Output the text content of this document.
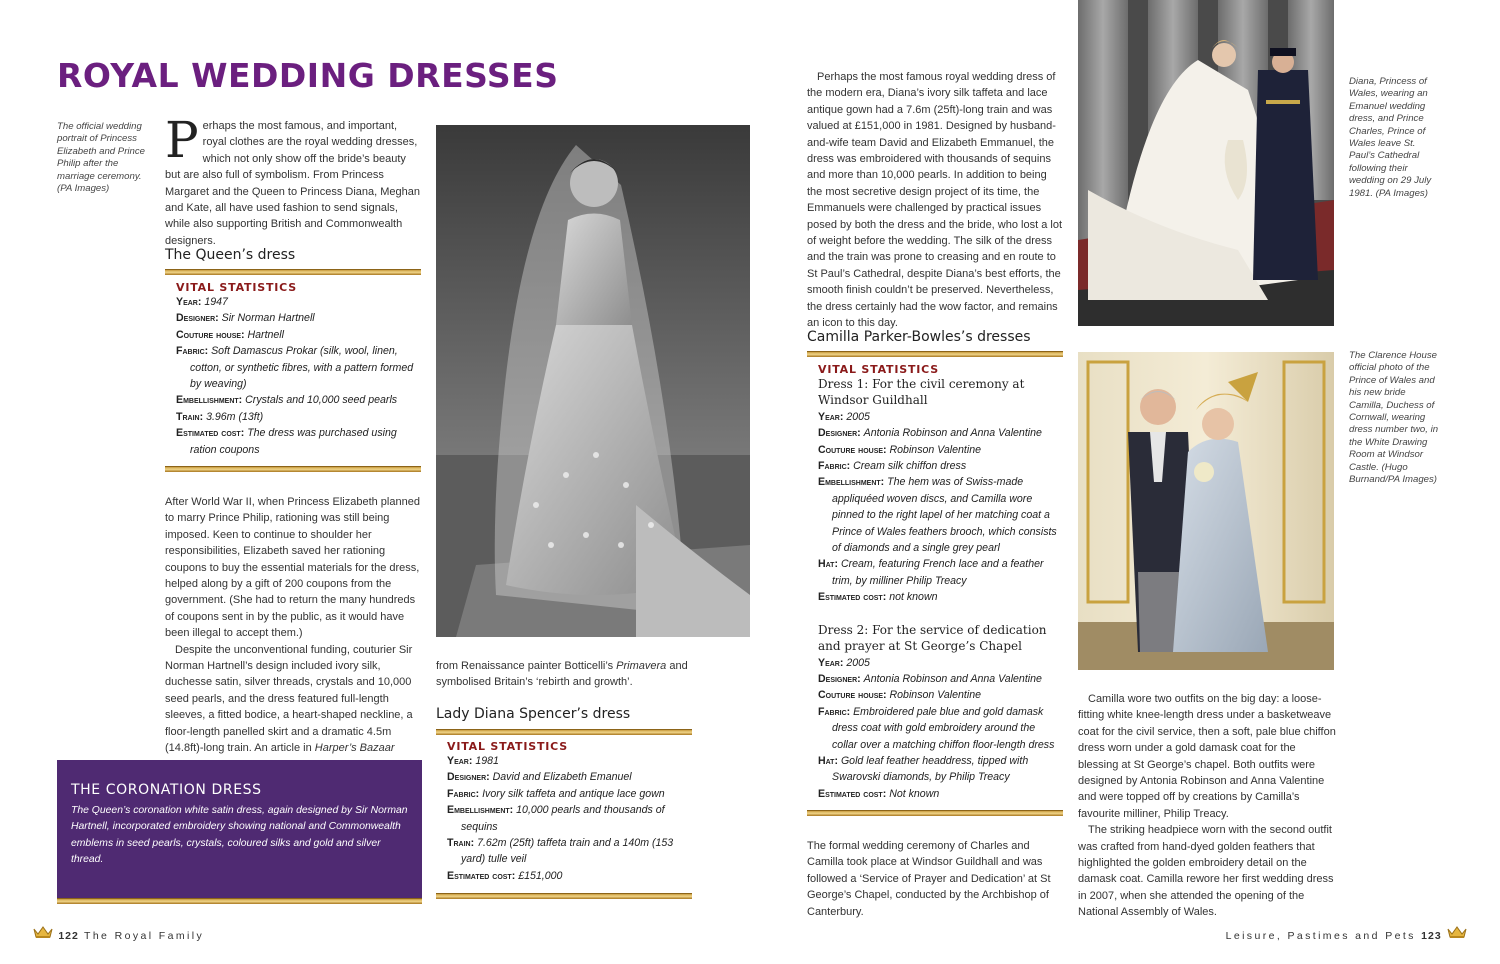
ROYAL WEDDING DRESSES
The official wedding portrait of Princess Elizabeth and Prince Philip after the marriage ceremony. (PA Images)
Perhaps the most famous, and important, royal clothes are the royal wedding dresses, which not only show off the bride’s beauty but are also full of symbolism. From Princess Margaret and the Queen to Princess Diana, Meghan and Kate, all have used fashion to send signals, while also supporting British and Commonwealth designers.
The Queen’s dress
VITAL STATISTICS
Year: 1947
Designer: Sir Norman Hartnell
Couture house: Hartnell
Fabric: Soft Damascus Prokar (silk, wool, linen, cotton, or synthetic fibres, with a pattern formed by weaving)
Embellishment: Crystals and 10,000 seed pearls
Train: 3.96m (13ft)
Estimated cost: The dress was purchased using ration coupons

After World War II, when Princess Elizabeth planned to marry Prince Philip, rationing was still being imposed. Keen to continue to shoulder her responsibilities, Elizabeth saved her rationing coupons to buy the essential materials for the dress, helped along by a gift of 200 coupons from the government. (She had to return the many hundreds of coupons sent in by the public, as it would have been illegal to accept them.)

Despite the unconventional funding, couturier Sir Norman Hartnell’s design included ivory silk, duchesse satin, silver threads, crystals and 10,000 seed pearls, and the dress featured full-length sleeves, a fitted bodice, a heart-shaped neckline, a floor-length panelled skirt and a dramatic 4.5m (14.8ft)-long train. An article in Harper’s Bazaar

THE CORONATION DRESS
The Queen’s coronation white satin dress, again designed by Sir Norman Hartnell, incorporated embroidery showing national and Commonwealth emblems in seed pearls, crystals, coloured silks and gold and silver thread.
from Renaissance painter Botticelli’s Primavera and symbolised Britain’s ‘rebirth and growth’.
Lady Diana Spencer’s dress
VITAL STATISTICS
Year: 1981
Designer: David and Elizabeth Emanuel
Fabric: Ivory silk taffeta and antique lace gown
Embellishment: 10,000 pearls and thousands of sequins
Train: 7.62m (25ft) taffeta train and a 140m (153 yard) tulle veil
Estimated cost: £151,000

Perhaps the most famous royal wedding dress of the modern era, Diana’s ivory silk taffeta and lace antique gown had a 7.6m (25ft)-long train and was valued at £151,000 in 1981. Designed by husband-and-wife team David and Elizabeth Emmanuel, the dress was embroidered with thousands of sequins and more than 10,000 pearls. In addition to being the most secretive design project of its time, the Emmanuels were challenged by practical issues posed by both the dress and the bride, who lost a lot of weight before the wedding. The silk of the dress and the train was prone to creasing and en route to St Paul’s Cathedral, despite Diana’s best efforts, the smooth finish couldn’t be preserved. Nevertheless, the dress certainly had the wow factor, and remains an icon to this day.

Camilla Parker-Bowles’s dresses
VITAL STATISTICS
Dress 1: For the civil ceremony at Windsor Guildhall
Year: 2005
Designer: Antonia Robinson and Anna Valentine
Couture house: Robinson Valentine
Fabric: Cream silk chiffon dress
Embellishment: The hem was of Swiss-made appliquéed woven discs, and Camilla wore pinned to the right lapel of her matching coat a Prince of Wales feathers brooch, which consists of diamonds and a single grey pearl
Hat: Cream, featuring French lace and a feather trim, by milliner Philip Treacy
Estimated cost: not known
Dress 2: For the service of dedication and prayer at St George’s Chapel
Year: 2005
Designer: Antonia Robinson and Anna Valentine
Couture house: Robinson Valentine
Fabric: Embroidered pale blue and gold damask dress coat with gold embroidery around the collar over a matching chiffon floor-length dress
Hat: Gold leaf feather headdress, tipped with Swarovski diamonds, by Philip Treacy
Estimated cost: Not known
The formal wedding ceremony of Charles and Camilla took place at Windsor Guildhall and was followed a ‘Service of Prayer and Dedication’ at St George’s Chapel, conducted by the Archbishop of Canterbury.
Diana, Princess of Wales, wearing an Emanuel wedding dress, and Prince Charles, Prince of Wales leave St. Paul’s Cathedral following their wedding on 29 July 1981. (PA Images)
The Clarence House official photo of the Prince of Wales and his new bride Camilla, Duchess of Cornwall, wearing dress number two, in the White Drawing Room at Windsor Castle. (Hugo Burnand/PA Images)

Camilla wore two outfits on the big day: a loose-fitting white knee-length dress under a basketweave coat for the civil service, then a soft, pale blue chiffon dress worn under a gold damask coat for the blessing at St George’s chapel. Both outfits were designed by Antonia Robinson and Anna Valentine and were topped off by creations by Camilla’s favourite milliner, Philip Treacy.

The striking headpiece worn with the second outfit was crafted from hand-dyed golden feathers that highlighted the golden embroidery detail on the damask coat. Camilla rewore her first wedding dress in 2007, when she attended the opening of the National Assembly of Wales.

122 The Royal Family	Leisure, Pastimes and Pets 123
